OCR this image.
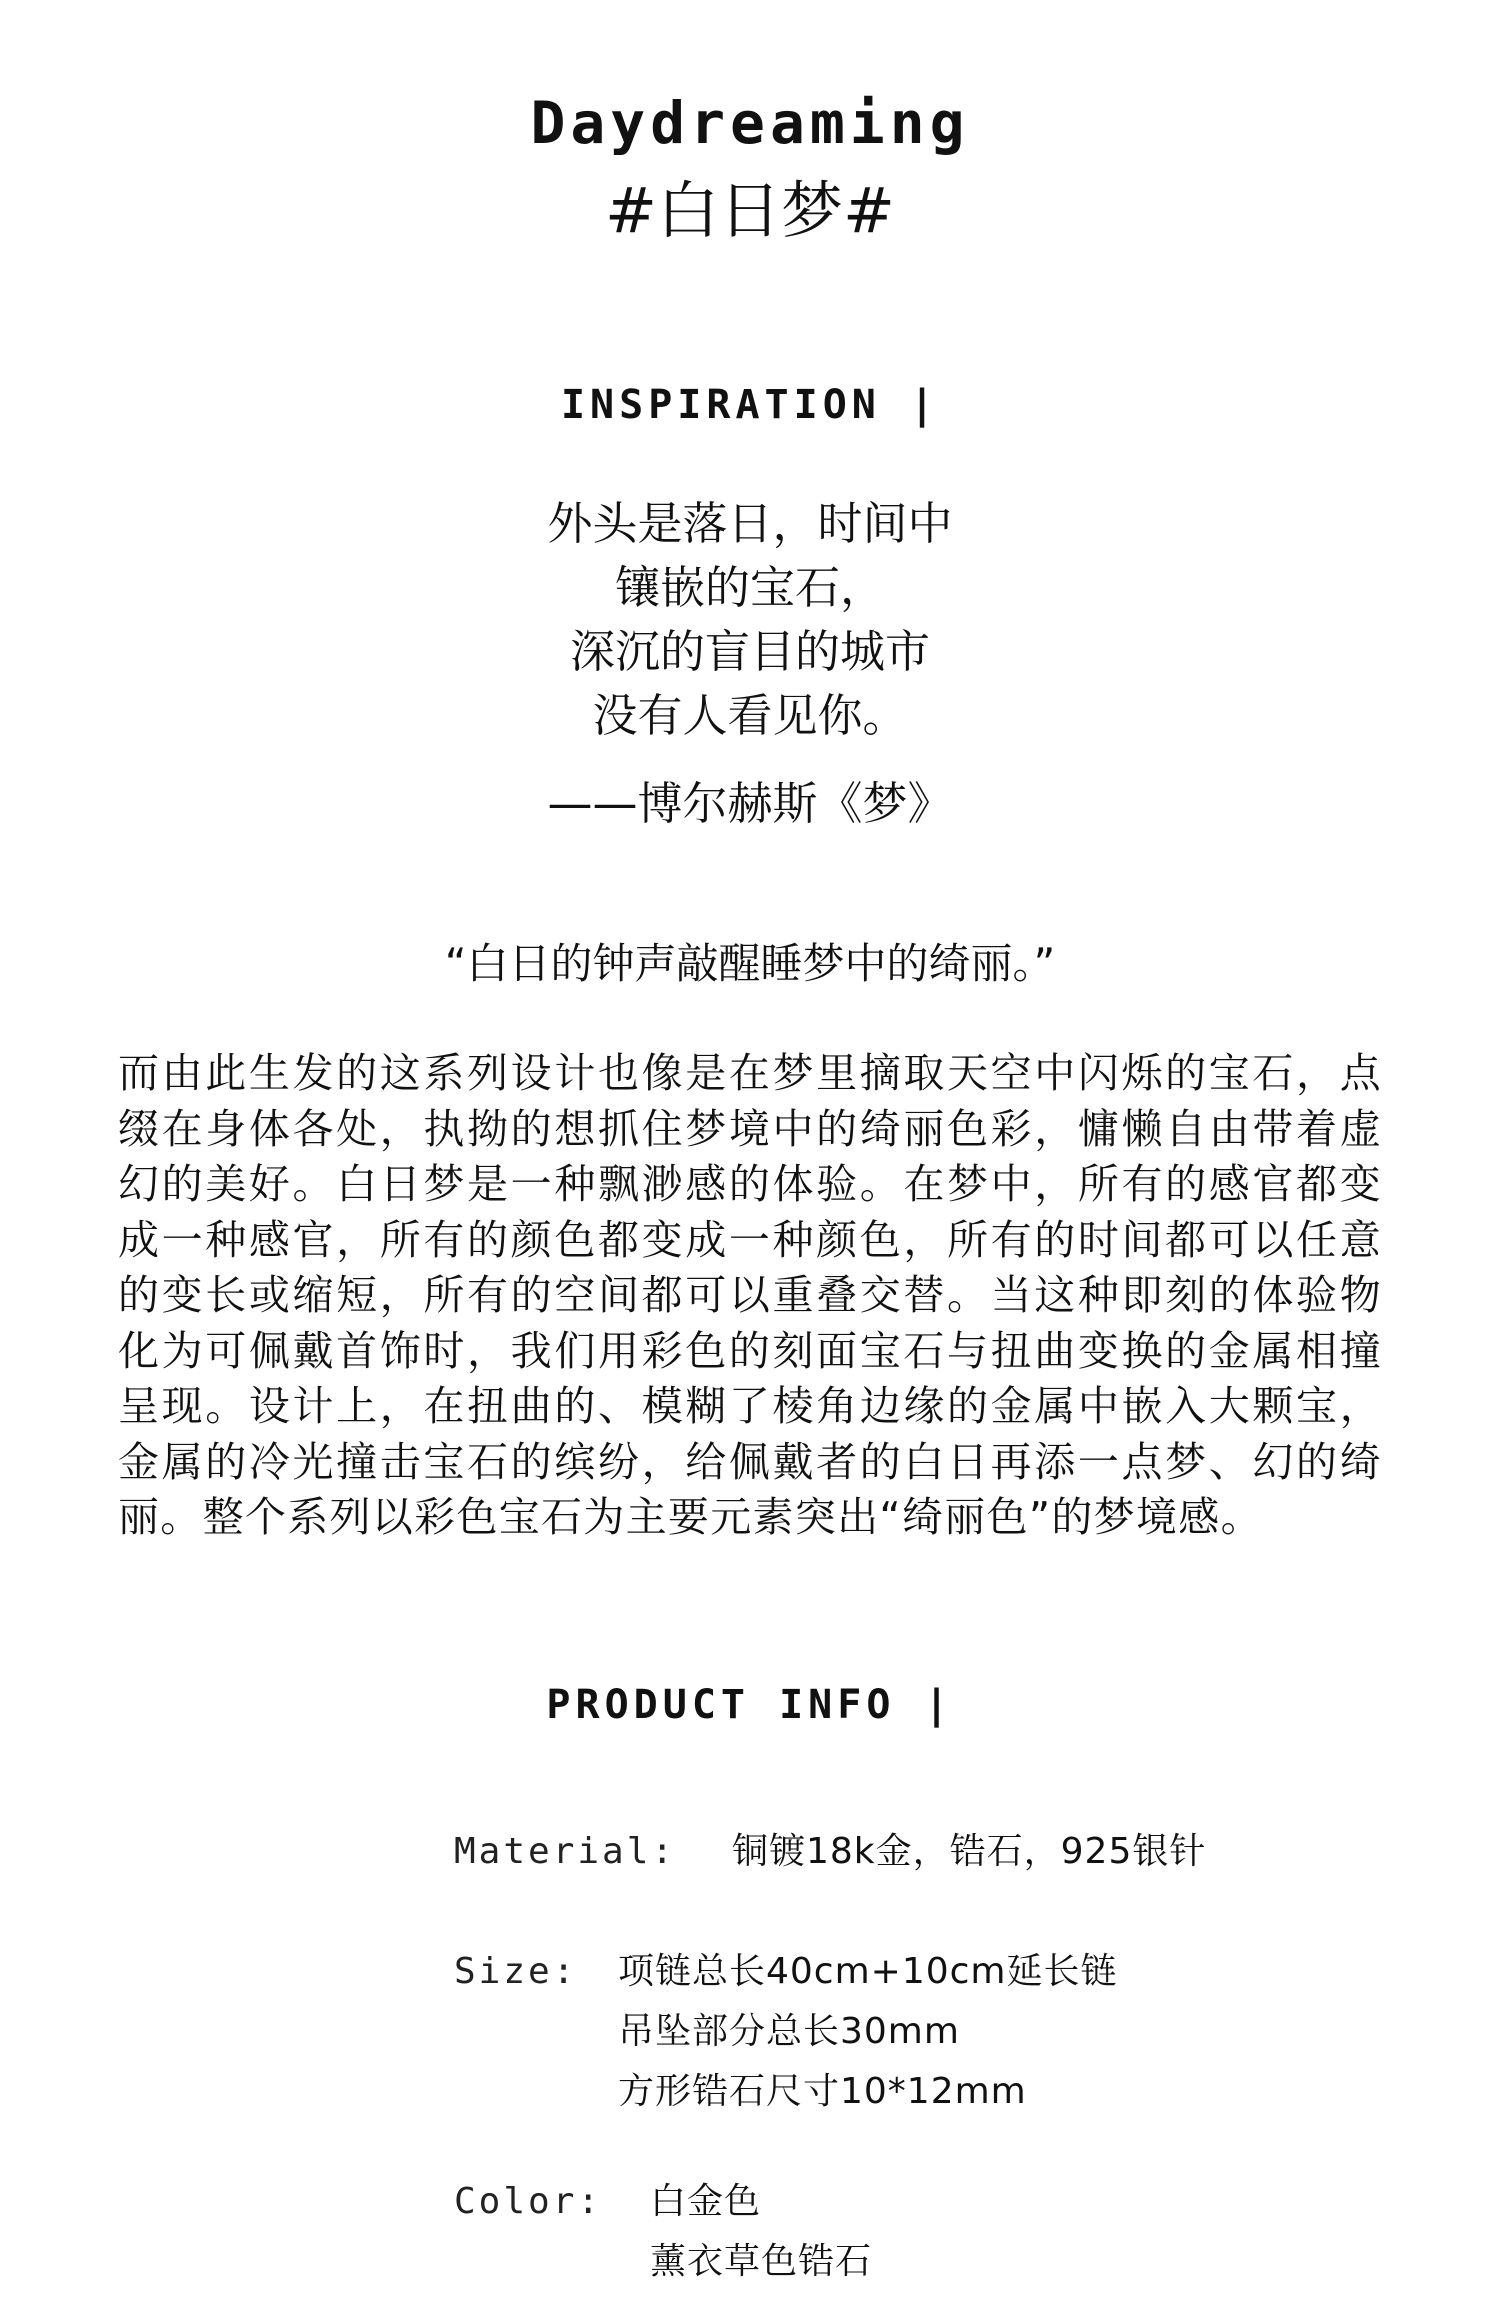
Daydreaming
#白日梦#
INSPIRATION |
外头是落日，时间中
镶嵌的宝石，
深沉的盲目的城市
没有人看见你。
——博尔赫斯《梦》
“白日的钟声敲醒睡梦中的绮丽。”
而由此生发的这系列设计也像是在梦里摘取天空中闪烁的宝石，点缀在身体各处，执拗的想抓住梦境中的绮丽色彩，慵懒自由带着虚幻的美好。白日梦是一种飘渺感的体验。在梦中，所有的感官都变成一种感官，所有的颜色都变成一种颜色，所有的时间都可以任意的变长或缩短，所有的空间都可以重叠交替。当这种即刻的体验物化为可佩戴首饰时，我们用彩色的刻面宝石与扭曲变换的金属相撞呈现。设计上，在扭曲的、模糊了棱角边缘的金属中嵌入大颗宝，金属的冷光撞击宝石的缤纷，给佩戴者的白日再添一点梦、幻的绮丽。整个系列以彩色宝石为主要元素突出“绮丽色”的梦境感。
PRODUCT INFO |
Material: 铜镀18k金，锆石，925银针
Size: 项链总长40cm+10cm延长链
吊坠部分总长30mm
方形锆石尺寸10*12mm
Color: 白金色
薰衣草色锆石
